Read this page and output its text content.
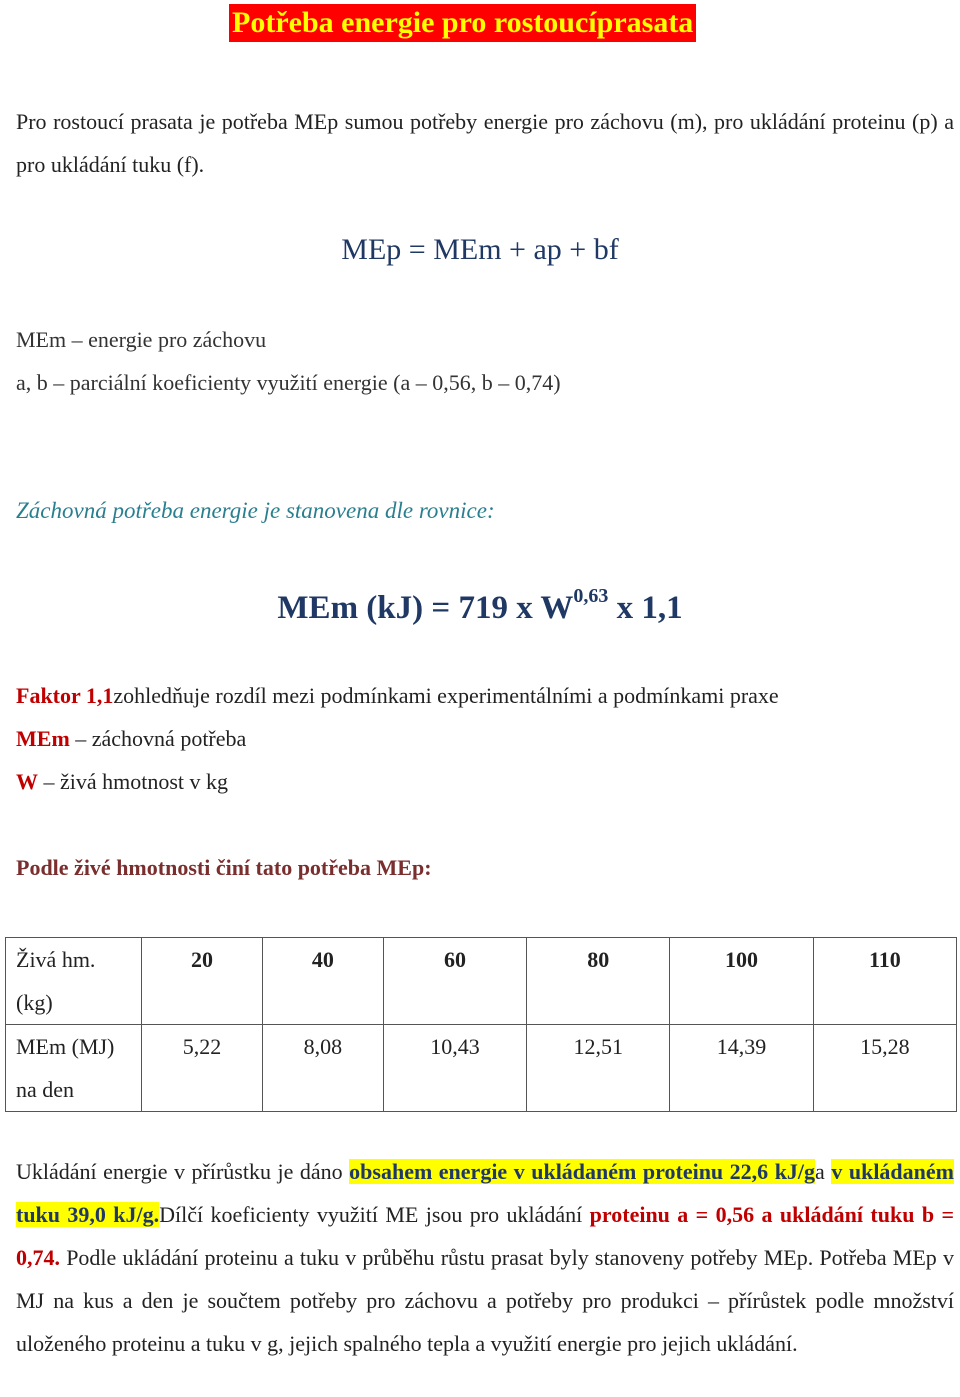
Potřeba energie pro rostoucíprasata
Pro rostoucí prasata je potřeba MEp sumou potřeby energie pro záchovu (m), pro ukládání proteinu (p) a pro ukládání tuku (f).
MEp = MEm + ap + bf
MEm – energie pro záchovu
a, b – parciální koeficienty využití energie (a – 0,56, b – 0,74)
Záchovná potřeba energie je stanovena dle rovnice:
MEm (kJ) = 719 x W$^{0,63}$ x 1,1
Faktor 1,1zohledňuje rozdíl mezi podmínkami experimentálními a podmínkami praxe
MEm – záchovná potřeba
W – živá hmotnost v kg
Podle živé hmotnosti činí tato potřeba MEp:
Živá hm.
(kg)	20	40	60	80	100	110

MEm (MJ)
na den	5,22	8,08	10,43	12,51	14,39	15,28
Ukládání energie v přírůstku je dáno obsahem energie v ukládaném proteinu 22,6 kJ/ga v ukládaném tuku 39,0 kJ/g.Dílčí koeficienty využití ME jsou pro ukládání proteinu a = 0,56 a ukládání tuku b = 0,74. Podle ukládání proteinu a tuku v průběhu růstu prasat byly stanoveny potřeby MEp. Potřeba MEp v MJ na kus a den je součtem potřeby pro záchovu a potřeby pro produkci – přírůstek podle množství uloženého proteinu a tuku v g, jejich spalného tepla a využití energie pro jejich ukládání.
